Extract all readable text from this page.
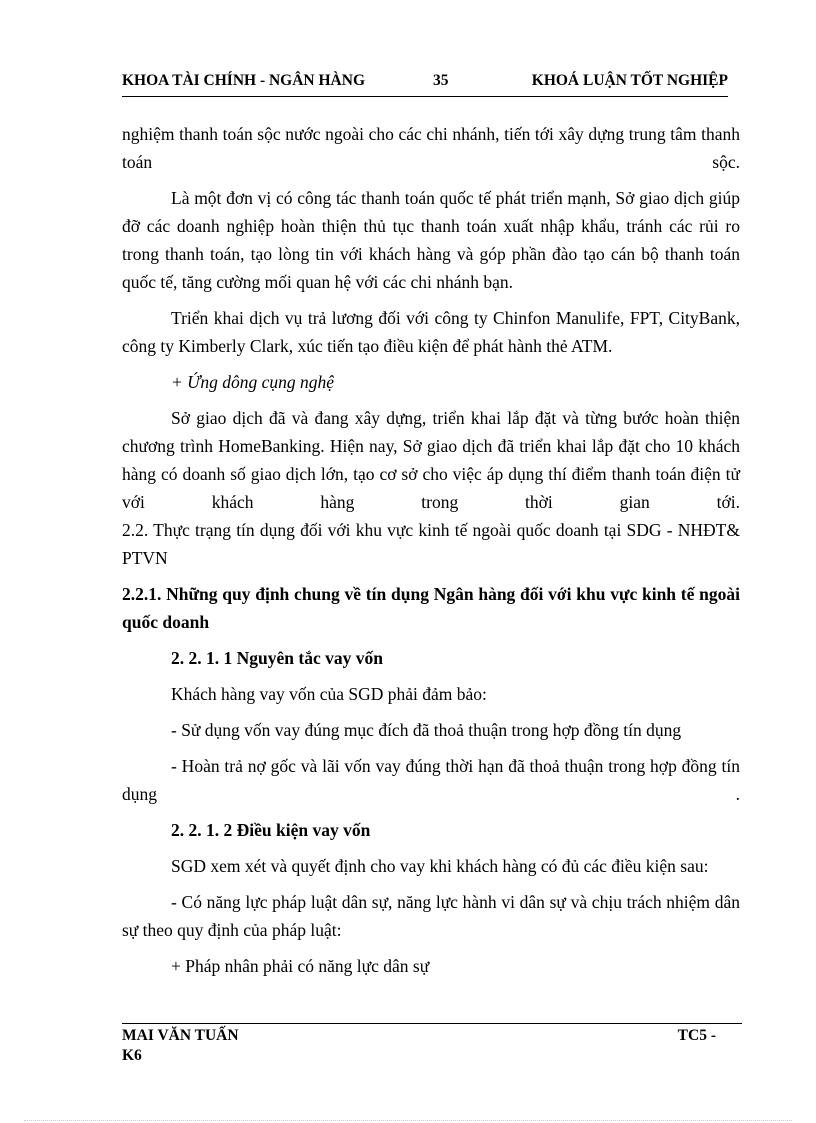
KHOA TÀI CHÍNH - NGÂN HÀNG	35	KHOÁ LUẬN TỐT NGHIỆP

nghiệm thanh toán sộc nước ngoài cho các chi nhánh, tiến tới xây dựng trung tâm thanh toán sộc.

Là một đơn vị có công tác thanh toán quốc tế phát triển mạnh, Sở giao dịch giúp đỡ các doanh nghiệp hoàn thiện thủ tục thanh toán xuất nhập khẩu, tránh các rủi ro trong thanh toán, tạo lòng tin với khách hàng và góp phần đào tạo cán bộ thanh toán quốc tế, tăng cường mối quan hệ với các chi nhánh bạn.

Triển khai dịch vụ trả lương đối với công ty Chinfon Manulife, FPT, CityBank, công ty Kimberly Clark, xúc tiến tạo điều kiện để phát hành thẻ ATM.

+ Ứng dông cụng nghệ

Sở giao dịch đã và đang xây dựng, triển khai lắp đặt và từng bước hoàn thiện chương trình HomeBanking. Hiện nay, Sở giao dịch đã triển khai lắp đặt cho 10 khách hàng có doanh số giao dịch lớn, tạo cơ sở cho việc áp dụng thí điểm thanh toán điện tử với khách hàng trong thời gian tới.

2.2. Thực trạng tín dụng đối với khu vực kinh tế ngoài quốc doanh tại SDG - NHĐT& PTVN

2.2.1. Những quy định chung về tín dụng Ngân hàng đối với khu vực kinh tế ngoài quốc doanh

2. 2. 1. 1 Nguyên tắc vay vốn

Khách hàng vay vốn của SGD phải đảm bảo:

- Sử dụng vốn vay đúng mục đích đã thoả thuận trong hợp đồng tín dụng

- Hoàn trả nợ gốc và lãi vốn vay đúng thời hạn đã thoả thuận trong hợp đồng tín dụng .

2. 2. 1. 2 Điều kiện vay vốn

SGD xem xét và quyết định cho vay khi khách hàng có đủ các điều kiện sau:

- Có năng lực pháp luật dân sự, năng lực hành vi dân sự và chịu trách nhiệm dân sự theo quy định của pháp luật:

+ Pháp nhân phải có năng lực dân sự

MAI VĂN TUẤN	TC5 -
K6
